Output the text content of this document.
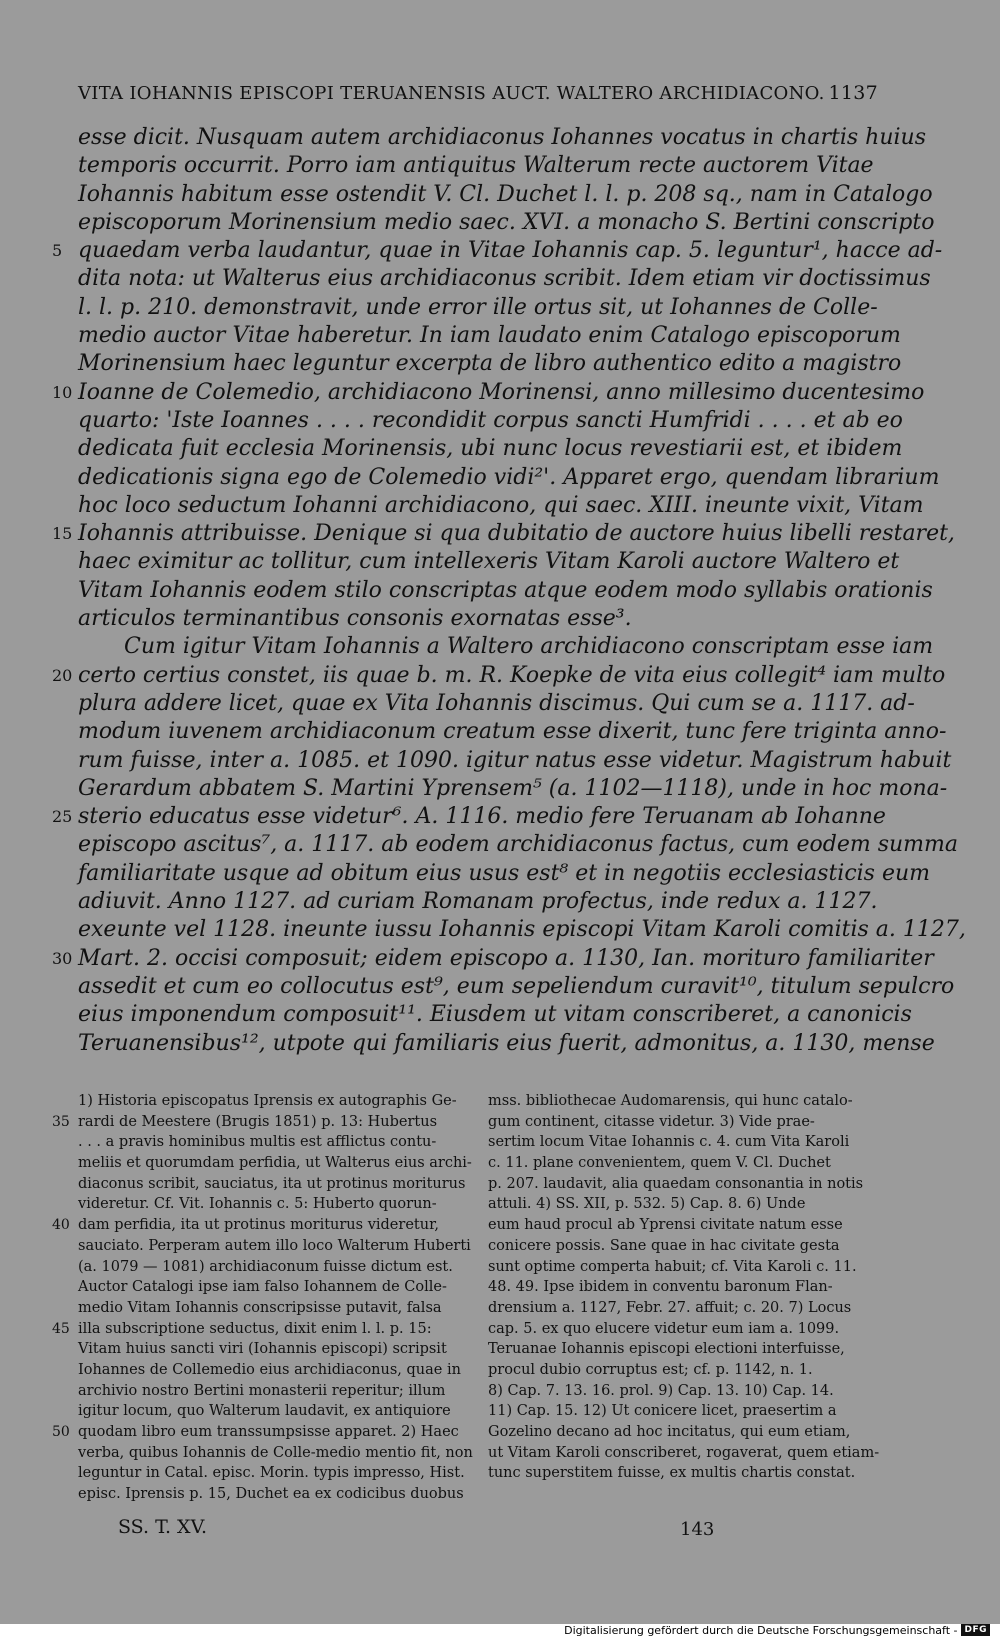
VITA IOHANNIS EPISCOPI TERUANENSIS AUCT. WALTERO ARCHIDIACONO. 1137
esse dicit. Nusquam autem archidiaconus Iohannes vocatus in chartis huius
temporis occurrit. Porro iam antiquitus Walterum recte auctorem Vitae
Iohannis habitum esse ostendit V. Cl. Duchet l. l. p. 208 sq., nam in Catalogo
episcoporum Morinensium medio saec. XVI. a monacho S. Bertini conscripto
5 quaedam verba laudantur, quae in Vitae Iohannis cap. 5. leguntur¹, hacce ad-
dita nota: ut Walterus eius archidiaconus scribit. Idem etiam vir doctissimus
l. l. p. 210. demonstravit, unde error ille ortus sit, ut Iohannes de Colle-
medio auctor Vitae haberetur. In iam laudato enim Catalogo episcoporum
Morinensium haec leguntur excerpta de libro authentico edito a magistro
10 Ioanne de Colemedio, archidiacono Morinensi, anno millesimo ducentesimo
quarto: 'Iste Ioannes . . . . recondidit corpus sancti Humfridi . . . . et ab eo
dedicata fuit ecclesia Morinensis, ubi nunc locus revestiarii est, et ibidem
dedicationis signa ego de Colemedio vidi²'. Apparet ergo, quendam librarium
hoc loco seductum Iohanni archidiacono, qui saec. XIII. ineunte vixit, Vitam
15 Iohannis attribuisse. Denique si qua dubitatio de auctore huius libelli restaret,
haec eximitur ac tollitur, cum intellexeris Vitam Karoli auctore Waltero et
Vitam Iohannis eodem stilo conscriptas atque eodem modo syllabis orationis
articulos terminantibus consonis exornatas esse³.
Cum igitur Vitam Iohannis a Waltero archidiacono conscriptam esse iam
20 certo certius constet, iis quae b. m. R. Koepke de vita eius collegit⁴ iam multo
plura addere licet, quae ex Vita Iohannis discimus. Qui cum se a. 1117. ad-
modum iuvenem archidiaconum creatum esse dixerit, tunc fere triginta anno-
rum fuisse, inter a. 1085. et 1090. igitur natus esse videtur. Magistrum habuit
Gerardum abbatem S. Martini Yprensem⁵ (a. 1102—1118), unde in hoc mona-
25 sterio educatus esse videtur⁶. A. 1116. medio fere Teruanam ab Iohanne
episcopo ascitus⁷, a. 1117. ab eodem archidiaconus factus, cum eodem summa
familiaritate usque ad obitum eius usus est⁸ et in negotiis ecclesiasticis eum
adiuvit. Anno 1127. ad curiam Romanam profectus, inde redux a. 1127.
exeunte vel 1128. ineunte iussu Iohannis episcopi Vitam Karoli comitis a. 1127,
30 Mart. 2. occisi composuit; eidem episcopo a. 1130, Ian. morituro familiariter
assedit et cum eo collocutus est⁹, eum sepeliendum curavit¹⁰, titulum sepulcro
eius imponendum composuit¹¹. Eiusdem ut vitam conscriberet, a canonicis
Teruanensibus¹², utpote qui familiaris eius fuerit, admonitus, a. 1130, mense
1) Historia episcopatus Iprensis ex autographis Ge-
35 rardi de Meestere (Brugis 1851) p. 13: Hubertus
. . . a pravis hominibus multis est afflictus contu-
meliis et quorumdam perfidia, ut Walterus eius archi-
diaconus scribit, sauciatus, ita ut protinus moriturus
videretur. Cf. Vit. Iohannis c. 5: Huberto quorun-
40 dam perfidia, ita ut protinus moriturus videretur,
sauciato. Perperam autem illo loco Walterum Huberti
(a. 1079 — 1081) archidiaconum fuisse dictum est.
Auctor Catalogi ipse iam falso Iohannem de Colle-
medio Vitam Iohannis conscripsisse putavit, falsa
45 illa subscriptione seductus, dixit enim l. l. p. 15:
Vitam huius sancti viri (Iohannis episcopi) scripsit
Iohannes de Collemedio eius archidiaconus, quae in
archivio nostro Bertini monasterii reperitur; illum
igitur locum, quo Walterum laudavit, ex antiquiore
50 quodam libro eum transsumpsisse apparet. 2) Haec
verba, quibus Iohannis de Colle-medio mentio fit, non
leguntur in Catal. episc. Morin. typis impresso, Hist.
episc. Iprensis p. 15, Duchet ea ex codicibus duobus
mss. bibliothecae Audomarensis, qui hunc catalo-
gum continent, citasse videtur. 3) Vide prae-
sertim locum Vitae Iohannis c. 4. cum Vita Karoli
c. 11. plane convenientem, quem V. Cl. Duchet
p. 207. laudavit, alia quaedam consonantia in notis
attuli. 4) SS. XII, p. 532. 5) Cap. 8. 6) Unde
eum haud procul ab Yprensi civitate natum esse
conicere possis. Sane quae in hac civitate gesta
sunt optime comperta habuit; cf. Vita Karoli c. 11.
48. 49. Ipse ibidem in conventu baronum Flan-
drensium a. 1127, Febr. 27. affuit; c. 20. 7) Locus
cap. 5. ex quo elucere videtur eum iam a. 1099.
Teruanae Iohannis episcopi electioni interfuisse,
procul dubio corruptus est; cf. p. 1142, n. 1.
8) Cap. 7. 13. 16. prol. 9) Cap. 13. 10) Cap. 14.
11) Cap. 15. 12) Ut conicere licet, praesertim a
Gozelino decano ad hoc incitatus, qui eum etiam,
ut Vitam Karoli conscriberet, rogaverat, quem etiam-
tunc superstitem fuisse, ex multis chartis constat.
SS. T. XV.	143
Digitalisierung gefördert durch die Deutsche Forschungsgemeinschaft - DFG
